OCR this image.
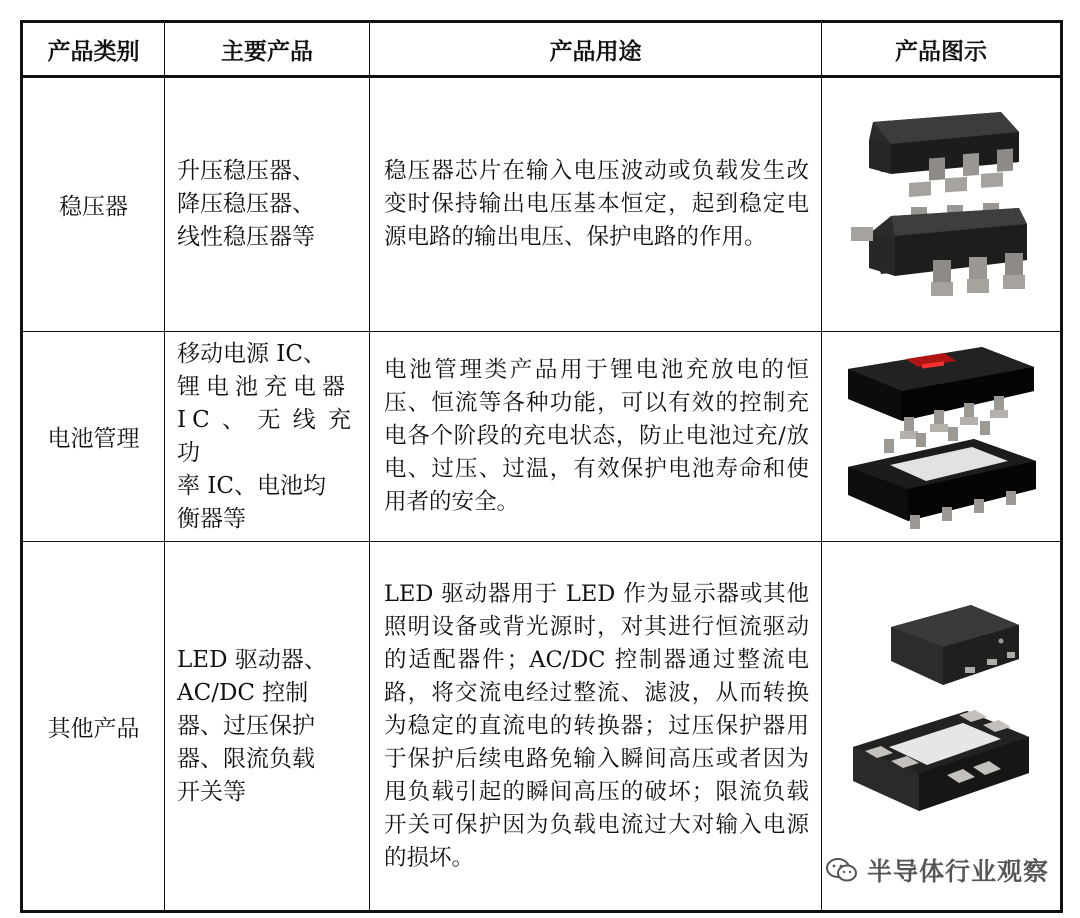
产品类别	主要产品	产品用途	产品图示
稳压器	升压稳压器、
降压稳压器、
线性稳压器等	稳压器芯片在输入电压波动或负载发生改变时保持输出电压基本恒定，起到稳定电源电路的输出电压、保护电路的作用。	

电池管理	移动电源 IC、
锂电池充电器
IC、无线充功
率 IC、电池均
衡器等	电池管理类产品用于锂电池充放电的恒压、恒流等各种功能，可以有效的控制充电各个阶段的充电状态，防止电池过充/放电、过压、过温，有效保护电池寿命和使用者的安全。	

其他产品	LED 驱动器、
AC/DC 控制
器、过压保护
器、限流负载
开关等	LED 驱动器用于 LED 作为显示器或其他照明设备或背光源时，对其进行恒流驱动的适配器件；AC/DC 控制器通过整流电路，将交流电经过整流、滤波，从而转换为稳定的直流电的转换器；过压保护器用于保护后续电路免输入瞬间高压或者因为甩负载引起的瞬间高压的破坏；限流负载开关可保护因为负载电流过大对输入电源的损坏。		半导体行业观察
